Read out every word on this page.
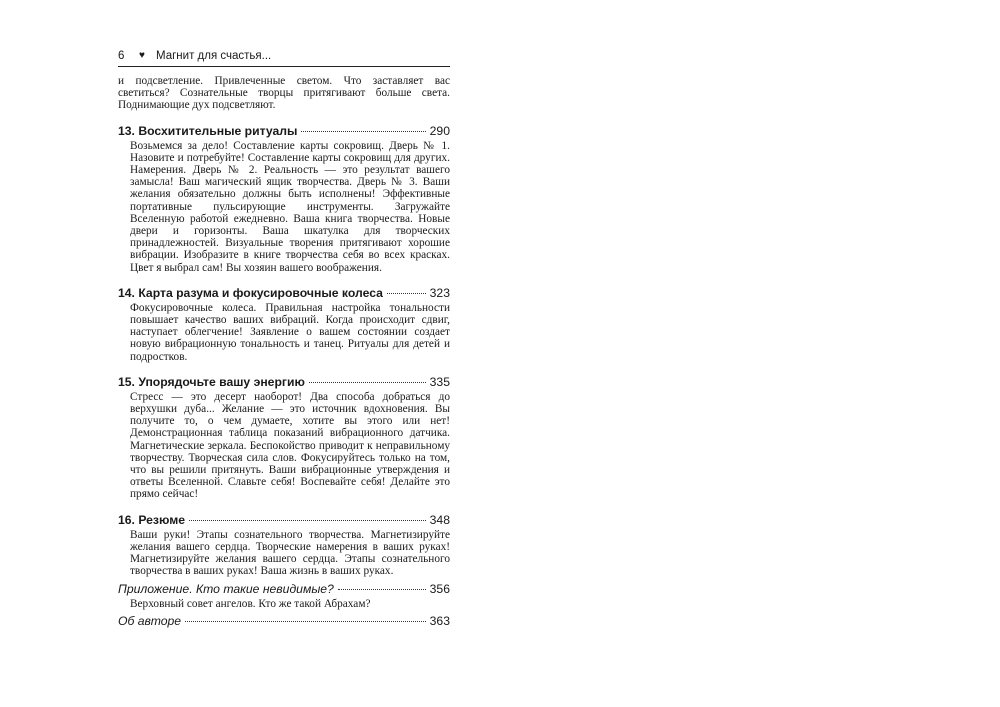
6 ♥ Магнит для счастья...

и подсветление. Привлеченные светом. Что заставляет вас светиться? Сознательные творцы притягивают больше света. Поднимающие дух подсветляют.

13. Восхитительные ритуалы	290

Возьмемся за дело! Составление карты сокровищ. Дверь № 1. Назовите и потребуйте! Составление карты сокровищ для других. Намерения. Дверь № 2. Реальность — это результат вашего замысла! Ваш магический ящик творчества. Дверь № 3. Ваши желания обязательно должны быть исполнены! Эффективные портативные пульсирующие инструменты. Загружайте Вселенную работой ежедневно. Ваша книга творчества. Новые двери и горизонты. Ваша шкатулка для творческих принадлежностей. Визуальные творения притягивают хорошие вибрации. Изобразите в книге творчества себя во всех красках. Цвет я выбрал сам! Вы хозяин вашего воображения.

14. Карта разума и фокусировочные колеса	323

Фокусировочные колеса. Правильная настройка тональности повышает качество ваших вибраций. Когда происходит сдвиг, наступает облегчение! Заявление о вашем состоянии создает новую вибрационную тональность и танец. Ритуалы для детей и подростков.

15. Упорядочьте вашу энергию	335

Стресс — это десерт наоборот! Два способа добраться до верхушки дуба... Желание — это источник вдохновения. Вы получите то, о чем думаете, хотите вы этого или нет! Демонстрационная таблица показаний вибрационного датчика. Магнетические зеркала. Беспокойство приводит к неправильному творчеству. Творческая сила слов. Фокусируйтесь только на том, что вы решили притянуть. Ваши вибрационные утверждения и ответы Вселенной. Славьте себя! Воспевайте себя! Делайте это прямо сейчас!

16. Резюме	348

Ваши руки! Этапы сознательного творчества. Магнетизируйте желания вашего сердца. Творческие намерения в ваших руках! Магнетизируйте желания вашего сердца. Этапы сознательного творчества в ваших руках! Ваша жизнь в ваших руках.

Приложение. Кто такие невидимые?	356

Верховный совет ангелов. Кто же такой Абрахам?

Об авторе	363
